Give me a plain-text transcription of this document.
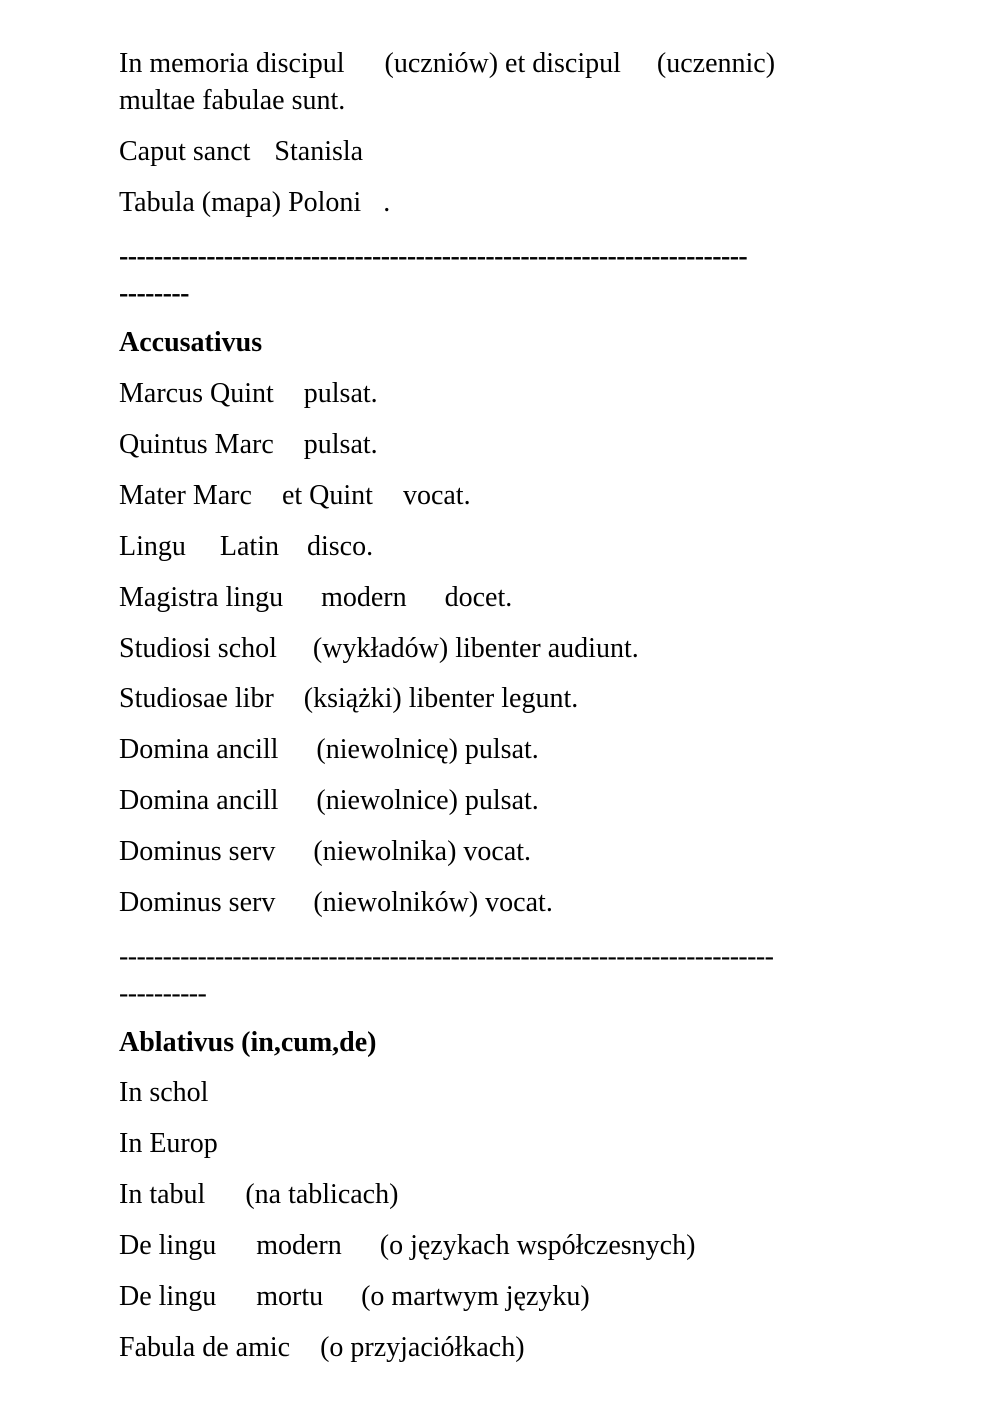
In memoria discipul (uczniów) et discipul (uczennic)
multae fabulae sunt.
Caput sanct Stanisla
Tabula (mapa) Poloni .
------------------------------------------------------------------------
--------
Accusativus
Marcus Quint pulsat.
Quintus Marc pulsat.
Mater Marc et Quint vocat.
Lingu Latin disco.
Magistra lingu modern docet.
Studiosi schol (wykładów) libenter audiunt.
Studiosae libr (książki) libenter legunt.
Domina ancill (niewolnicę) pulsat.
Domina ancill (niewolnice) pulsat.
Dominus serv (niewolnika) vocat.
Dominus serv (niewolników) vocat.
---------------------------------------------------------------------------
----------
Ablativus (in,cum,de)
In schol
In Europ
In tabul (na tablicach)
De lingu modern (o językach współczesnych)
De lingu mortu (o martwym języku)
Fabula de amic (o przyjaciółkach)
